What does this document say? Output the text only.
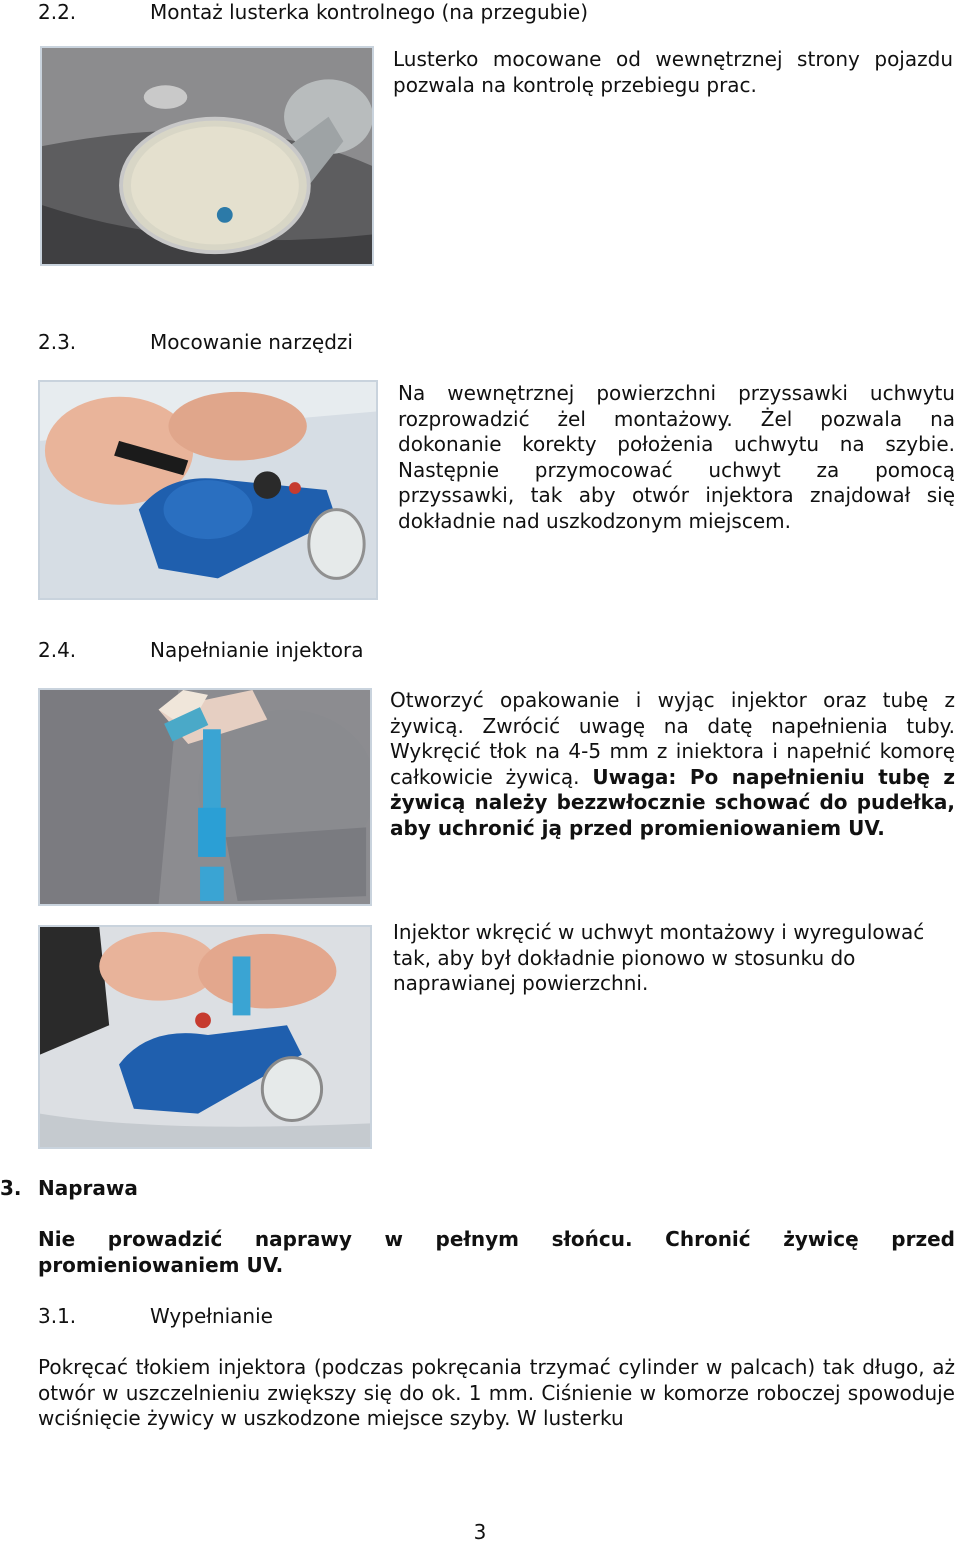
2.2.	Montaż lusterka kontrolnego (na przegubie)

Lusterko mocowane od wewnętrznej strony pojazdu pozwala na kontrolę przebiegu prac.

2.3.	Mocowanie narzędzi

Na wewnętrznej powierzchni przyssawki uchwytu rozprowadzić żel montażowy. Żel pozwala na dokonanie korekty położenia uchwytu na szybie. Następnie przymocować uchwyt za pomocą przyssawki, tak aby otwór injektora znajdował się dokładnie nad uszkodzonym miejscem.

2.4.	Napełnianie injektora

Otworzyć opakowanie i wyjąc injektor oraz tubę z żywicą. Zwrócić uwagę na datę napełnienia tuby. Wykręcić tłok na 4-5 mm z iniektora i napełnić komorę całkowicie żywicą. Uwaga: Po napełnieniu tubę z żywicą należy bezzwłocznie schować do pudełka, aby uchronić ją przed promieniowaniem UV.

Injektor wkręcić w uchwyt montażowy i wyregulować tak, aby był dokładnie pionowo w stosunku do naprawianej powierzchni.

3. Naprawa

Nie prowadzić naprawy w pełnym słońcu. Chronić żywicę przed promieniowaniem UV.

3.1.	Wypełnianie

Pokręcać tłokiem injektora (podczas pokręcania trzymać cylinder w palcach) tak długo, aż otwór w uszczelnieniu zwiększy się do ok. 1 mm. Ciśnienie w komorze roboczej spowoduje wciśnięcie żywicy w uszkodzone miejsce szyby. W lusterku

3
